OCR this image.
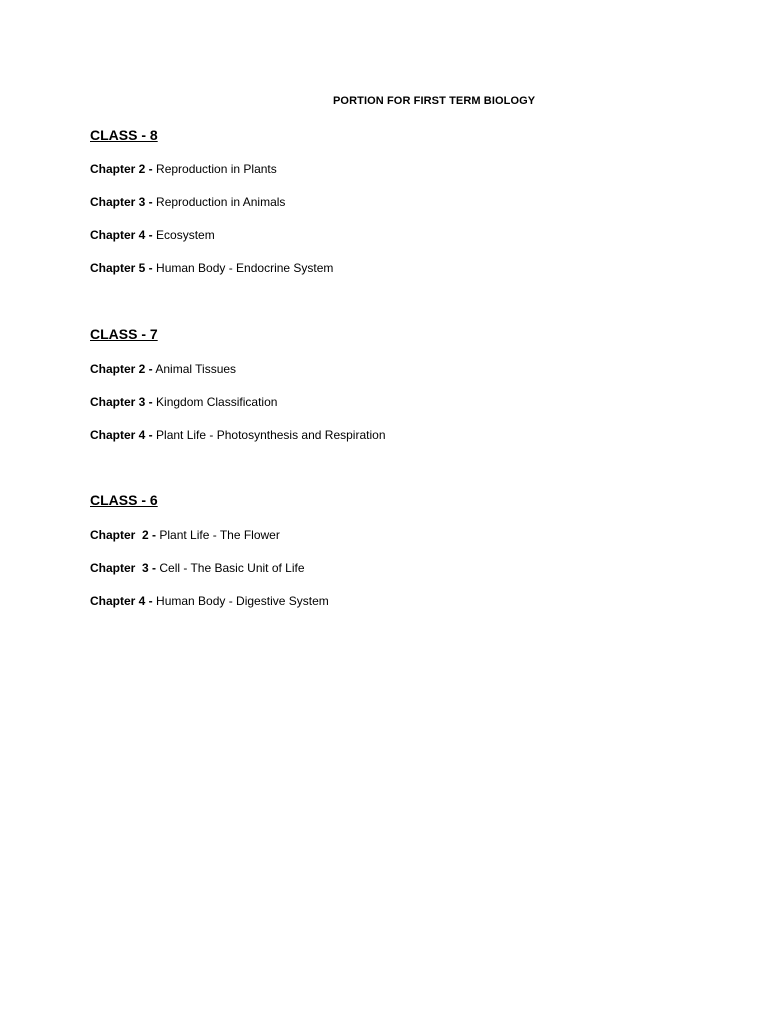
PORTION FOR FIRST TERM BIOLOGY
CLASS - 8
Chapter 2 - Reproduction in Plants
Chapter 3 - Reproduction in Animals
Chapter 4 - Ecosystem
Chapter 5 - Human Body - Endocrine System
CLASS - 7
Chapter 2 - Animal Tissues
Chapter 3 - Kingdom Classification
Chapter 4 - Plant Life - Photosynthesis and Respiration
CLASS - 6
Chapter  2 - Plant Life - The Flower
Chapter  3 - Cell - The Basic Unit of Life
Chapter 4 - Human Body - Digestive System
